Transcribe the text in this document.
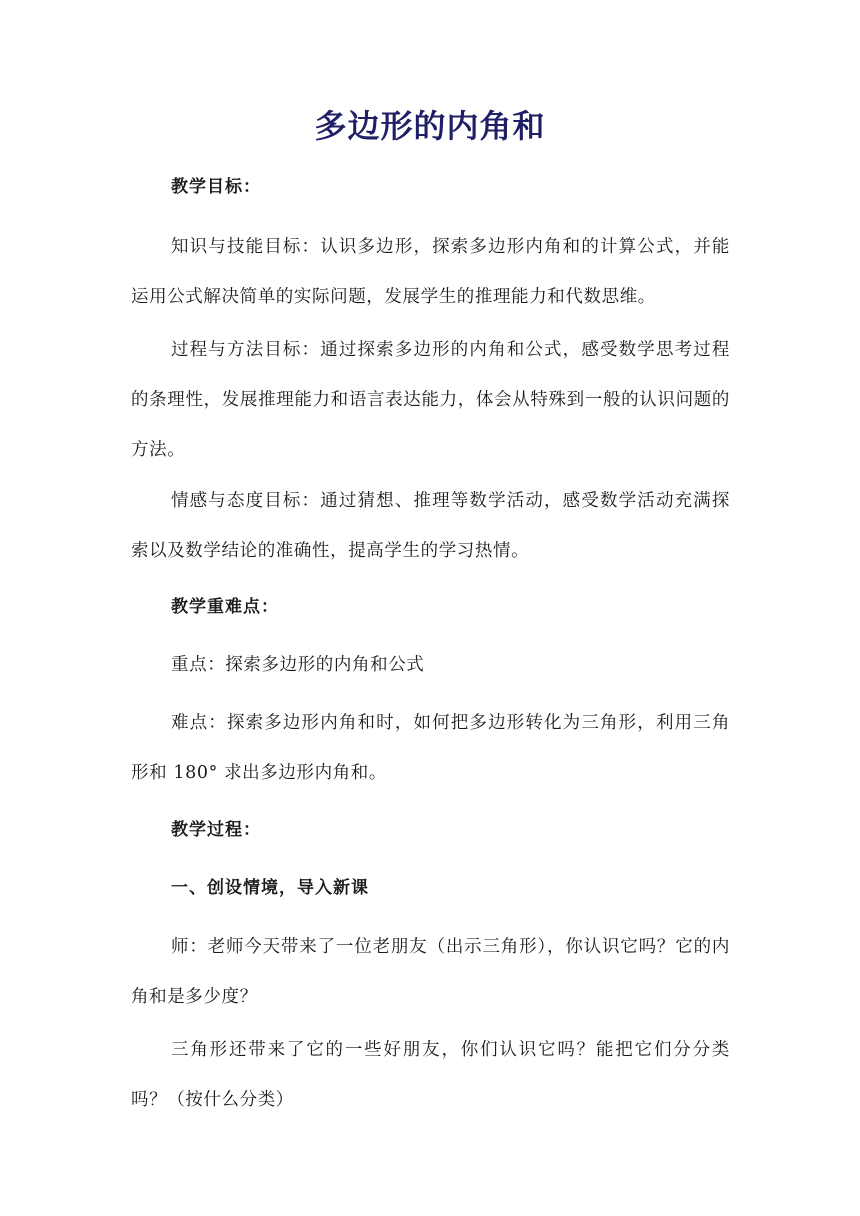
多边形的内角和

教学目标：

知识与技能目标：认识多边形，探索多边形内角和的计算公式，并能运用公式解决简单的实际问题，发展学生的推理能力和代数思维。

过程与方法目标：通过探索多边形的内角和公式，感受数学思考过程的条理性，发展推理能力和语言表达能力，体会从特殊到一般的认识问题的方法。

情感与态度目标：通过猜想、推理等数学活动，感受数学活动充满探索以及数学结论的准确性，提高学生的学习热情。

教学重难点：

重点：探索多边形的内角和公式

难点：探索多边形内角和时，如何把多边形转化为三角形，利用三角形和 180° 求出多边形内角和。

教学过程：

一、创设情境，导入新课

师：老师今天带来了一位老朋友（出示三角形），你认识它吗？它的内角和是多少度？

三角形还带来了它的一些好朋友，你们认识它吗？能把它们分分类吗？（按什么分类）
